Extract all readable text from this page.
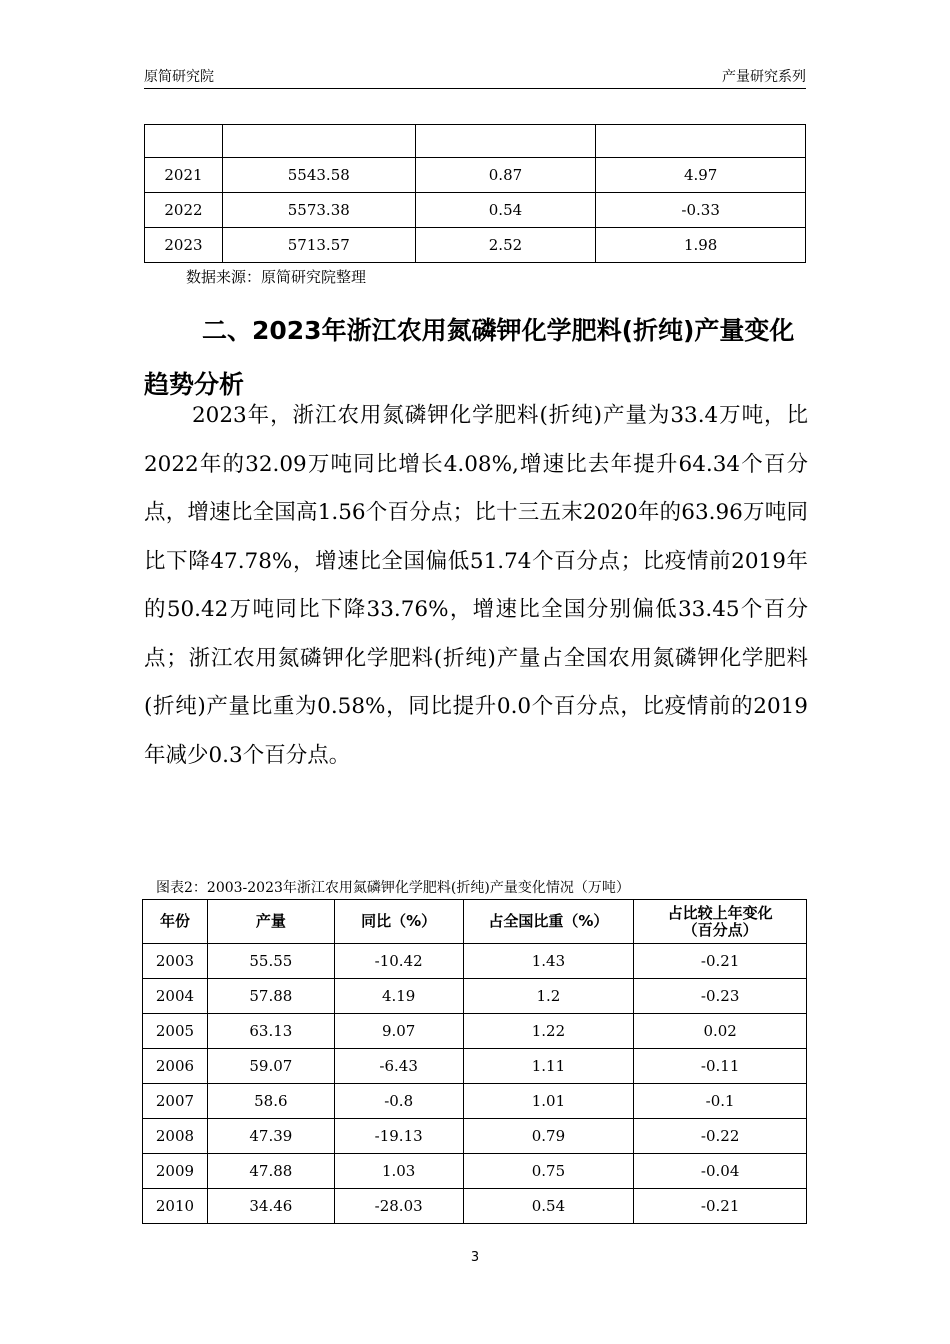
原简研究院	产量研究系列

2021	5543.58	0.87	4.97
2022	5573.38	0.54	-0.33
2023	5713.57	2.52	1.98
数据来源：原简研究院整理
二、2023年浙江农用氮磷钾化学肥料(折纯)产量变化趋势分析

2023年，浙江农用氮磷钾化学肥料(折纯)产量为33.4万吨，比2022年的32.09万吨同比增长4.08%,增速比去年提升64.34个百分点，增速比全国高1.56个百分点；比十三五末2020年的63.96万吨同比下降47.78%，增速比全国偏低51.74个百分点；比疫情前2019年的50.42万吨同比下降33.76%，增速比全国分别偏低33.45个百分点；浙江农用氮磷钾化学肥料(折纯)产量占全国农用氮磷钾化学肥料(折纯)产量比重为0.58%，同比提升0.0个百分点，比疫情前的2019年减少0.3个百分点。

图表2：2003-2023年浙江农用氮磷钾化学肥料(折纯)产量变化情况（万吨）
年份	产量	同比（%）	占全国比重（%）	占比较上年变化
（百分点）

2003	55.55	-10.42	1.43	-0.21
2004	57.88	4.19	1.2	-0.23
2005	63.13	9.07	1.22	0.02
2006	59.07	-6.43	1.11	-0.11
2007	58.6	-0.8	1.01	-0.1
2008	47.39	-19.13	0.79	-0.22
2009	47.88	1.03	0.75	-0.04
2010	34.46	-28.03	0.54	-0.21
3
